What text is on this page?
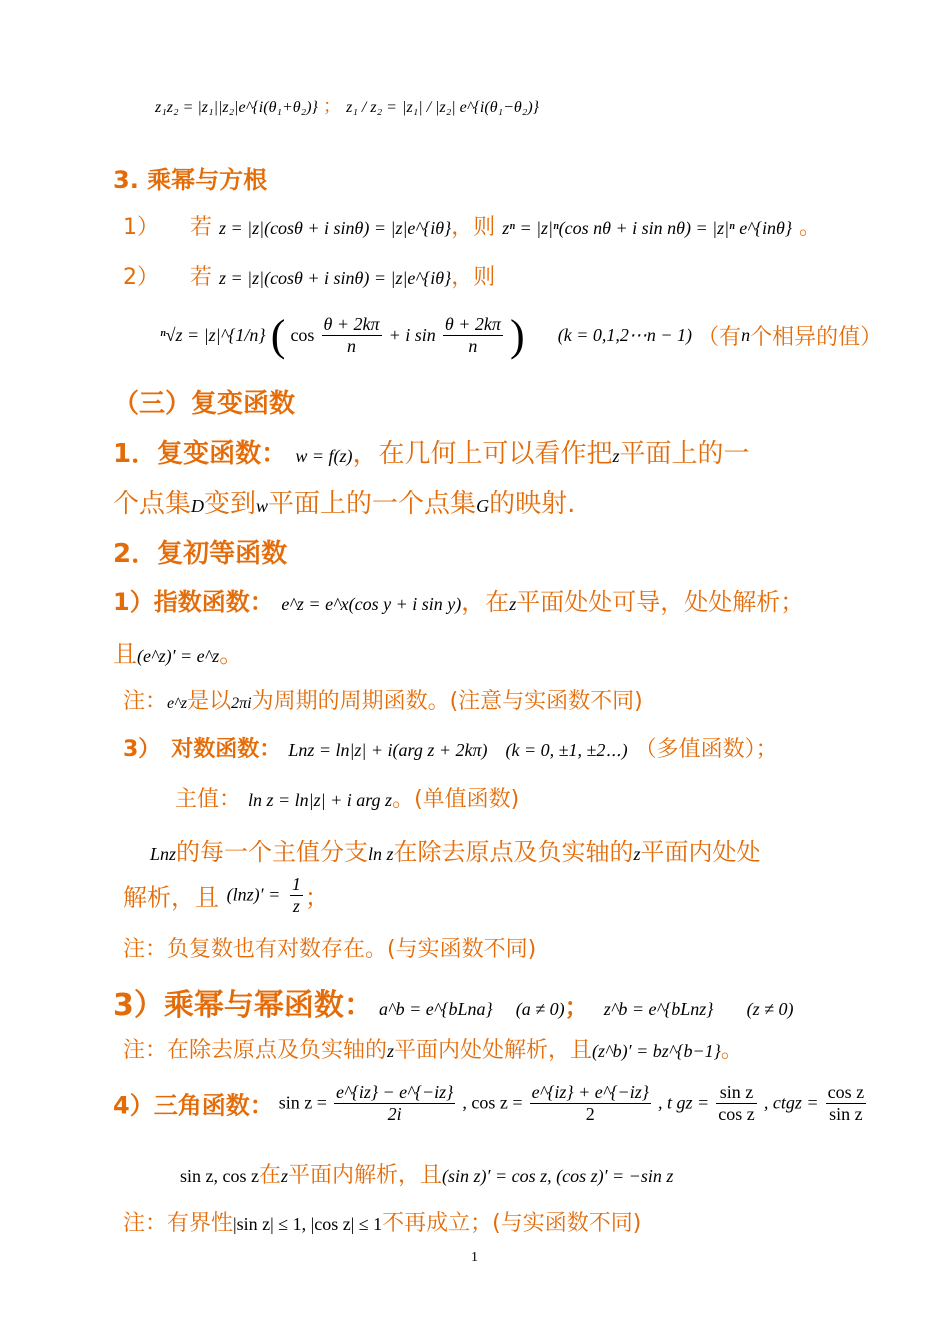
z₁z₂ = |z₁||z₂|e^{i(θ₁+θ₂)} ； z₁ / z₂ = |z₁| / |z₂| e^{i(θ₁−θ₂)}
3. 乘幂与方根
1） 若 z = |z|(cosθ + i sinθ) = |z|e^{iθ}，则 zⁿ = |z|ⁿ(cos nθ + i sin nθ) = |z|ⁿ e^{inθ} 。
2） 若 z = |z|(cosθ + i sinθ) = |z|e^{iθ}，则
ⁿ√z = |z|^{1/n} ( $\cos \frac{\theta + 2k\pi}{n} + i$ $\sin \frac{\theta + 2k\pi}{n}$ ) (k = 0,1,2⋯n − 1) （有n个相异的值）
（三）复变函数
1．复变函数： w = f(z)，在几何上可以看作把z平面上的一
个点集D变到w平面上的一个点集G的映射.
2．复初等函数
1）指数函数： e^z = e^x(cos y + i sin y)，在z平面处处可导，处处解析；
且(e^z)′ = e^z。
注：e^z是以2πi为周期的周期函数。(注意与实函数不同)
3）　对数函数： Lnz = ln|z| + i(arg z + 2kπ)　(k = 0, ±1, ±2⋯) （多值函数）；
主值： ln z = ln|z| + i arg z。(单值函数)
Lnz的每一个主值分支ln z在除去原点及负实轴的z平面内处处
解析，且 $(\ln z)' = \frac{1}{z}$ ；
注：负复数也有对数存在。(与实函数不同)
3）乘幂与幂函数： a^b = e^{bLna} (a ≠ 0)； z^b = e^{bLnz} (z ≠ 0)
注：在除去原点及负实轴的z平面内处处解析，且(z^b)′ = bz^{b−1}。
4）三角函数： $\sin z = \frac{e\^{}\{iz\} - e\^{}\{-iz\}}{2i}$ , $\cos z = \frac{e\^{}\{iz\} + e\^{}\{-iz\}}{2}$ , t gz = $\frac{\text{sin z}}{\text{cos z}}$ , ctgz = $\frac{\text{cos z}}{\text{sin z}}$
sin z, cos z在z平面内解析，且(sin z)′ = cos z, (cos z)′ = −sin z
注：有界性|sin z| ≤ 1, |cos z| ≤ 1不再成立；(与实函数不同)
1
